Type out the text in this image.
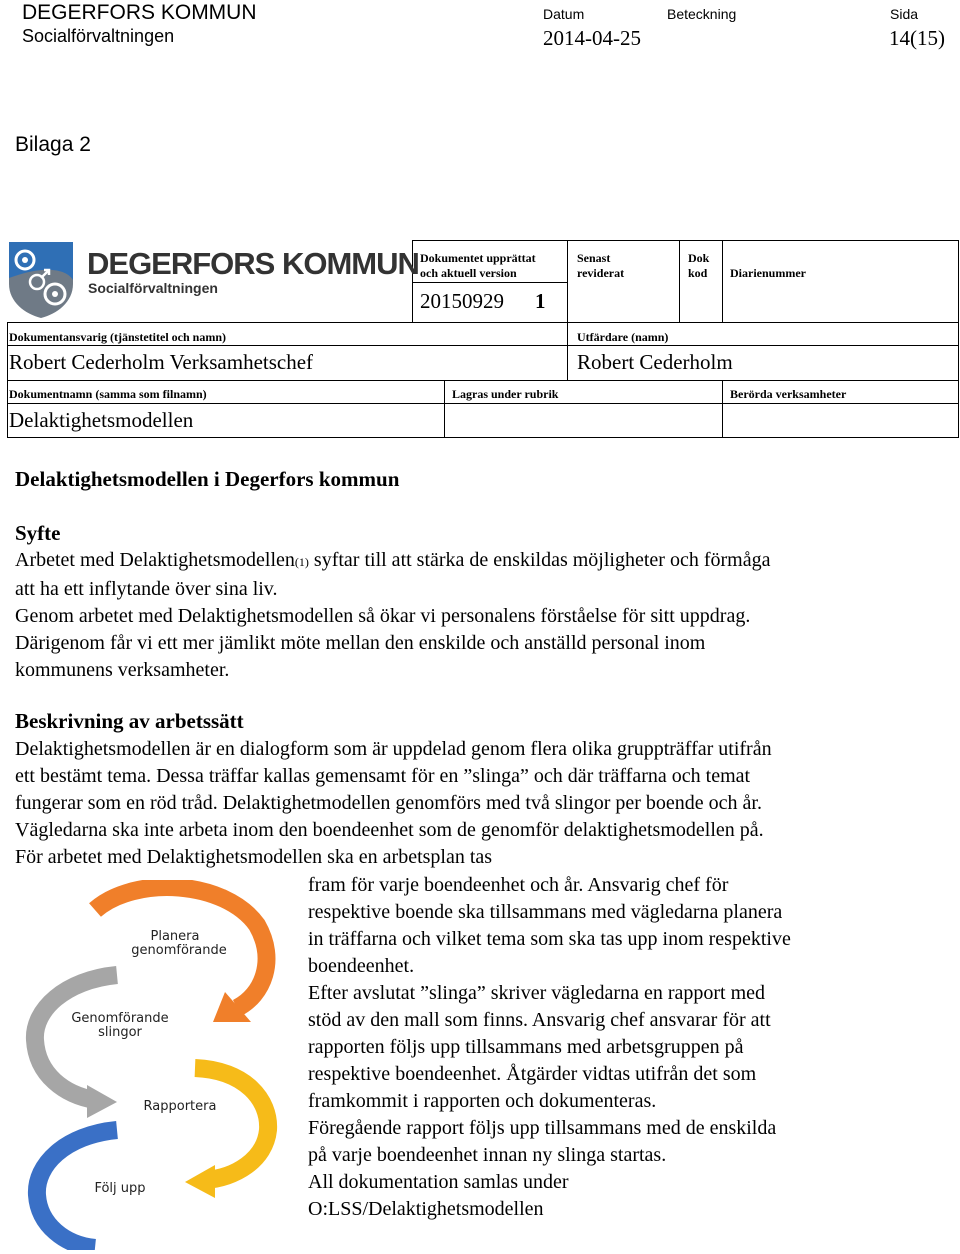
DEGERFORS KOMMUN
Socialförvaltningen
Datum
2014-04-25
Beteckning	Sida
14(15)
Bilaga 2
DEGERFORS KOMMUN
Socialförvaltningen
Dokumentet upprättat
och aktuell version
20150929 1
Senast
reviderat
Dok
kod Diarienummer
Dokumentansvarig (tjänstetitel och namn)
Robert Cederholm Verksamhetschef
Utfärdare (namn)
Robert Cederholm
Dokumentnamn (samma som filnamn)
Delaktighetsmodellen
Lagras under rubrik	Berörda verksamheter
Delaktighetsmodellen i Degerfors kommun
Syfte

Arbetet med Delaktighetsmodellen(1) syftar till att stärka de enskildas möjligheter och förmåga

att ha ett inflytande över sina liv.

Genom arbetet med Delaktighetsmodellen så ökar vi personalens förståelse för sitt uppdrag.

Därigenom får vi ett mer jämlikt möte mellan den enskilde och anställd personal inom

kommunens verksamheter.

Beskrivning av arbetssätt

Delaktighetsmodellen är en dialogform som är uppdelad genom flera olika gruppträffar utifrån

ett bestämt tema. Dessa träffar kallas gemensamt för en ”slinga” och där träffarna och temat

fungerar som en röd tråd. Delaktighetmodellen genomförs med två slingor per boende och år.

Vägledarna ska inte arbeta inom den boendeenhet som de genomför delaktighetsmodellen på.

För arbetet med Delaktighetsmodellen ska en arbetsplan tas

fram för varje boendeenhet och år. Ansvarig chef för

respektive boende ska tillsammans med vägledarna planera

in träffarna och vilket tema som ska tas upp inom respektive

boendeenhet.

Efter avslutat ”slinga” skriver vägledarna en rapport med

stöd av den mall som finns. Ansvarig chef ansvarar för att

rapporten följs upp tillsammans med arbetsgruppen på

respektive boendeenhet. Åtgärder vidtas utifrån det som

framkommit i rapporten och dokumenteras.

Föregående rapport följs upp tillsammans med de enskilda

på varje boendeenhet innan ny slinga startas.

All dokumentation samlas under

O:LSS/Delaktighetsmodellen

Planera
genomförande
Genomförande
slingor
Rapportera
Följ upp
